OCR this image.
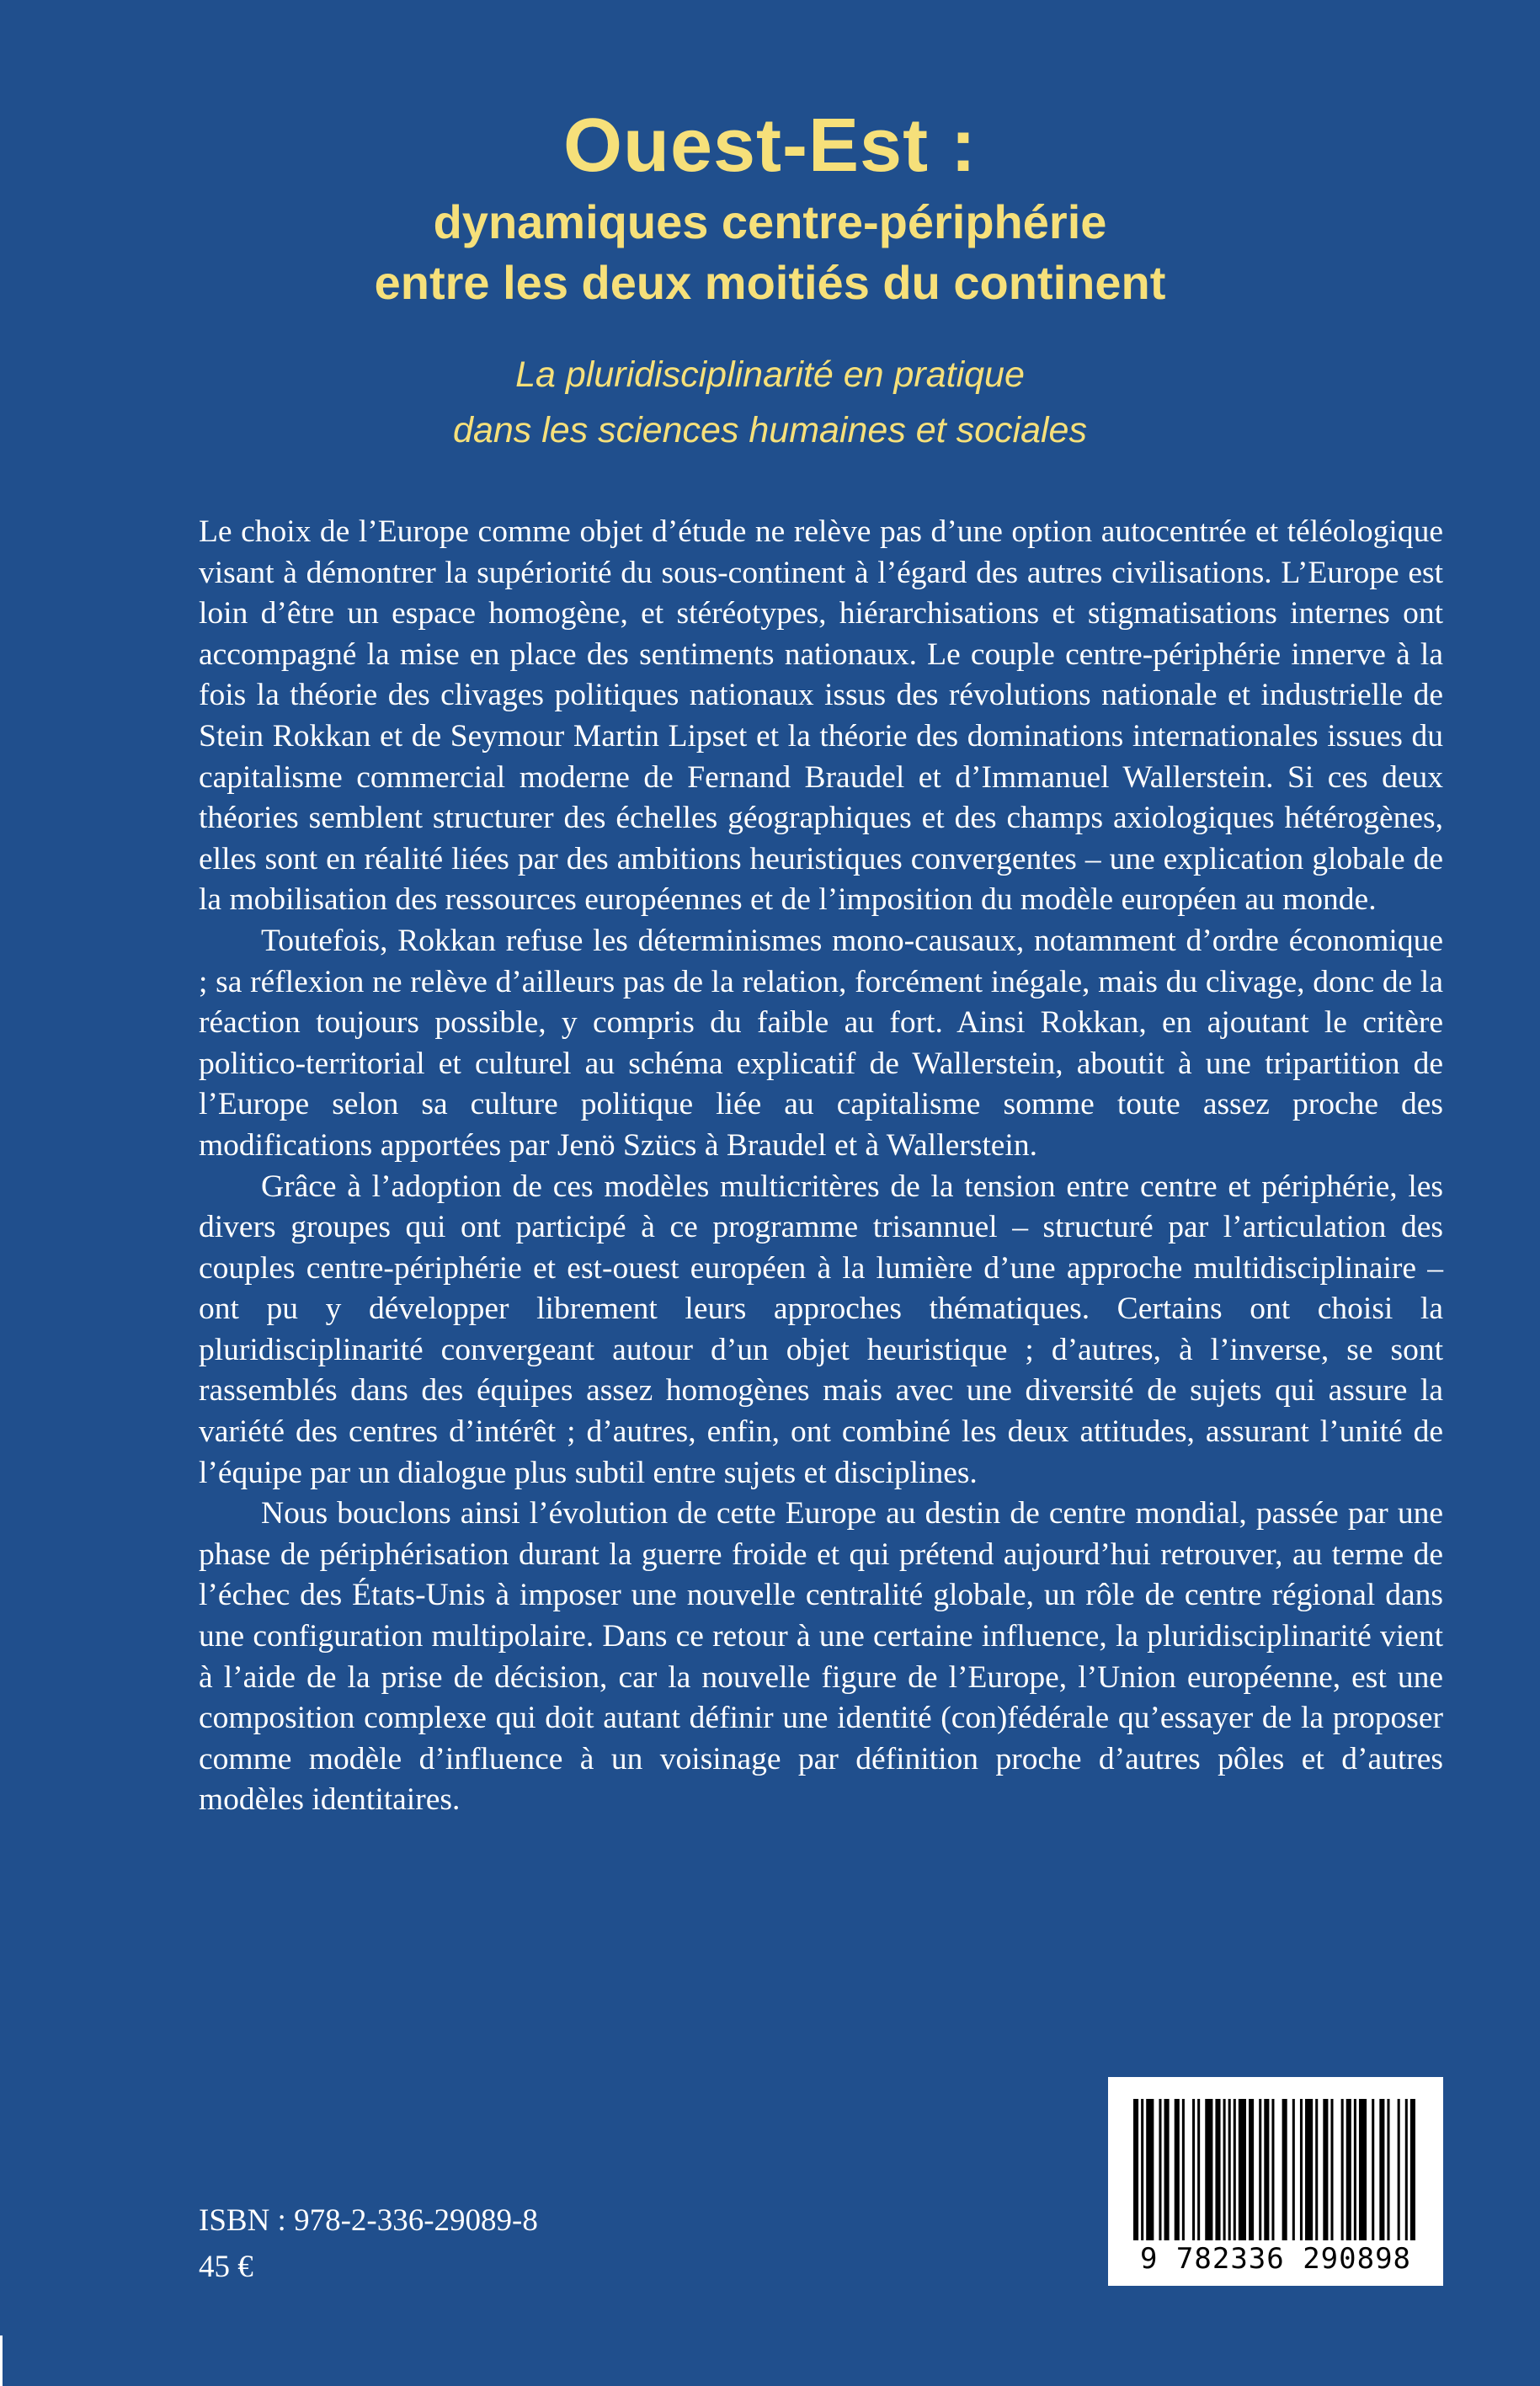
Ouest-Est :

dynamiques centre-périphérie

entre les deux moitiés du continent

La pluridisciplinarité en pratique
dans les sciences humaines et sociales

Le choix de l’Europe comme objet d’étude ne relève pas d’une option autocentrée et téléologique visant à démontrer la supériorité du sous-continent à l’égard des autres civilisations. L’Europe est loin d’être un espace homogène, et stéréotypes, hiérarchisations et stigmatisations internes ont accompagné la mise en place des sentiments nationaux. Le couple centre-périphérie innerve à la fois la théorie des clivages politiques nationaux issus des révolutions nationale et industrielle de Stein Rokkan et de Seymour Martin Lipset et la théorie des dominations internationales issues du capitalisme commercial moderne de Fernand Braudel et d’Immanuel Wallerstein. Si ces deux théories semblent structurer des échelles géographiques et des champs axiologiques hétérogènes, elles sont en réalité liées par des ambitions heuristiques convergentes – une explication globale de la mobilisation des ressources européennes et de l’imposition du modèle européen au monde.

Toutefois, Rokkan refuse les déterminismes mono-causaux, notamment d’ordre économique ; sa réflexion ne relève d’ailleurs pas de la relation, forcément inégale, mais du clivage, donc de la réaction toujours possible, y compris du faible au fort. Ainsi Rokkan, en ajoutant le critère politico-territorial et culturel au schéma explicatif de Wallerstein, aboutit à une tripartition de l’Europe selon sa culture politique liée au capitalisme somme toute assez proche des modifications apportées par Jenö Szücs à Braudel et à Wallerstein.

Grâce à l’adoption de ces modèles multicritères de la tension entre centre et périphérie, les divers groupes qui ont participé à ce programme trisannuel – structuré par l’articulation des couples centre-périphérie et est-ouest européen à la lumière d’une approche multidisciplinaire – ont pu y développer librement leurs approches thématiques. Certains ont choisi la pluridisciplinarité convergeant autour d’un objet heuristique ; d’autres, à l’inverse, se sont rassemblés dans des équipes assez homogènes mais avec une diversité de sujets qui assure la variété des centres d’intérêt ; d’autres, enfin, ont combiné les deux attitudes, assurant l’unité de l’équipe par un dialogue plus subtil entre sujets et disciplines.

Nous bouclons ainsi l’évolution de cette Europe au destin de centre mondial, passée par une phase de périphérisation durant la guerre froide et qui prétend aujourd’hui retrouver, au terme de l’échec des États-Unis à imposer une nouvelle centralité globale, un rôle de centre régional dans une configuration multipolaire. Dans ce retour à une certaine influence, la pluridisciplinarité vient à l’aide de la prise de décision, car la nouvelle figure de l’Europe, l’Union européenne, est une composition complexe qui doit autant définir une identité (con)fédérale qu’essayer de la proposer comme modèle d’influence à un voisinage par définition proche d’autres pôles et d’autres modèles identitaires.

ISBN : 978-2-336-29089-8
45 €	9 782336 290898
